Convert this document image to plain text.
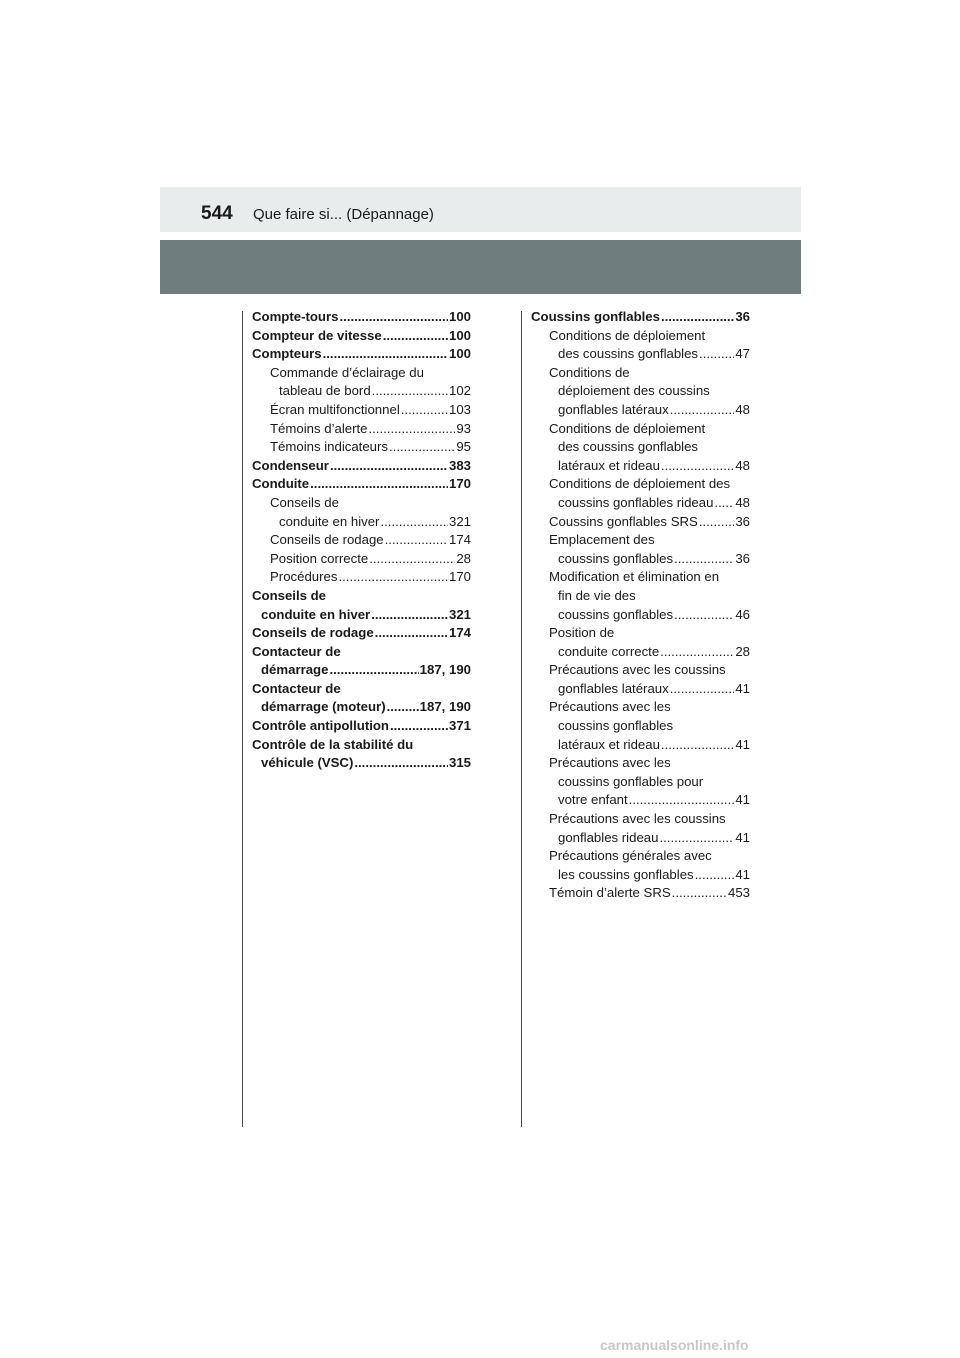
544 Que faire si... (Dépannage)
Compte-tours .....	100
Compteur de vitesse .....	100
Compteurs .....	100
Commande d’éclairage du
tableau de bord .....	102
Écran multifonctionnel .....	103
Témoins d’alerte .....	93
Témoins indicateurs .....	95
Condenseur .....	383
Conduite .....	170
Conseils de
conduite en hiver .....	321
Conseils de rodage .....	174
Position correcte .....	28
Procédures .....	170
Conseils de
conduite en hiver .....	321
Conseils de rodage .....	174
Contacteur de
démarrage .....	187, 190
Contacteur de
démarrage (moteur) .....	187, 190
Contrôle antipollution .....	371
Contrôle de la stabilité du
véhicule (VSC) .....	315
Coussins gonflables .....	36
Conditions de déploiement
des coussins gonflables .....	47
Conditions de
déploiement des coussins
gonflables latéraux .....	48
Conditions de déploiement
des coussins gonflables
latéraux et rideau .....	48
Conditions de déploiement des
coussins gonflables rideau ..... 48
Coussins gonflables SRS .....	36
Emplacement des
coussins gonflables .....	36
Modification et élimination en
fin de vie des
coussins gonflables .....	46
Position de
conduite correcte .....	28
Précautions avec les coussins
gonflables latéraux .....	41
Précautions avec les
coussins gonflables
latéraux et rideau .....	41
Précautions avec les
coussins gonflables pour
votre enfant .....	41
Précautions avec les coussins
gonflables rideau .....	41
Précautions générales avec
les coussins gonflables .....	41
Témoin d’alerte SRS .....	453
carmanualsonline.info
